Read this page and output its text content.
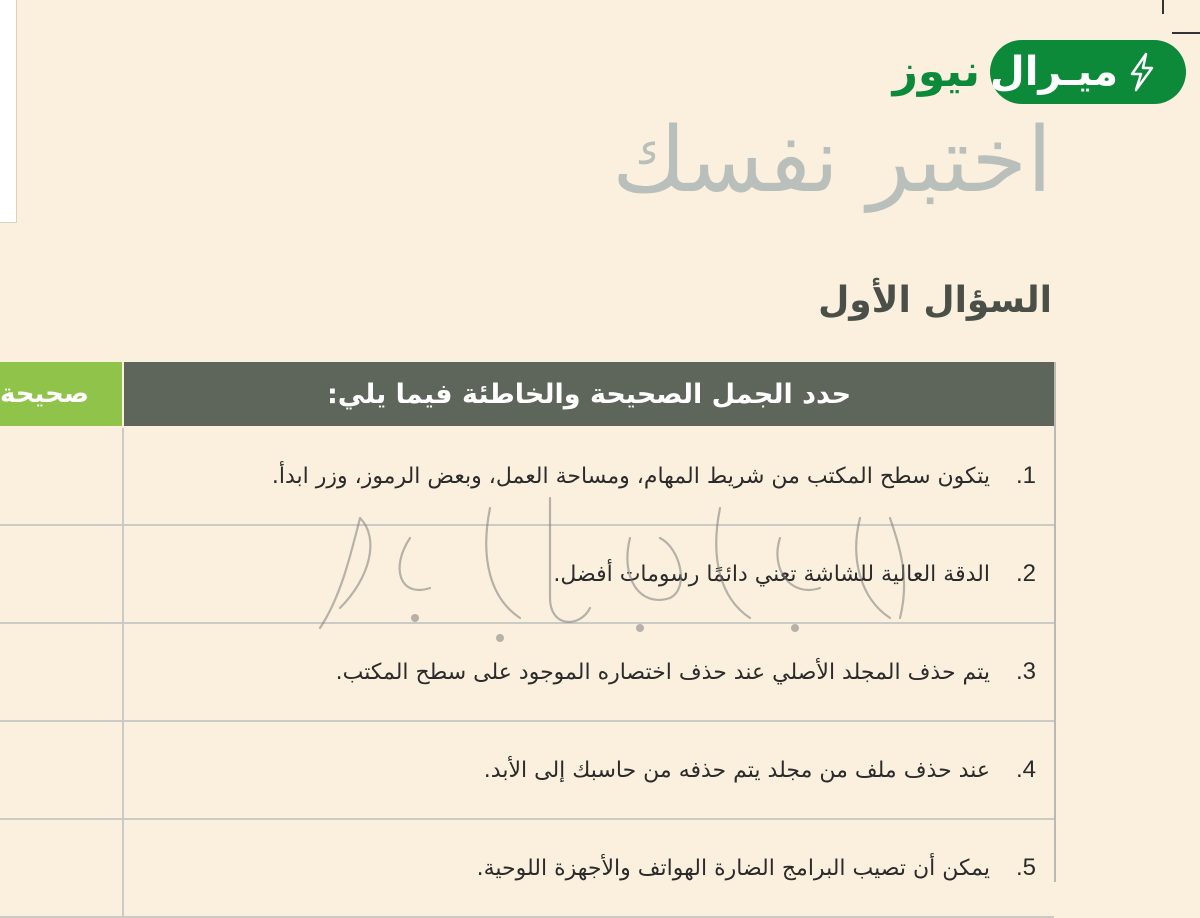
ميـرال
نيوز
اختبر نفسك
السؤال الأول
صحيحة	حدد الجمل الصحيحة والخاطئة فيما يلي:
1.
يتكون سطح المكتب من شريط المهام، ومساحة العمل، وبعض الرموز، وزر ابدأ.
2.
الدقة العالية للشاشة تعني دائمًا رسومات أفضل.
3.
يتم حذف المجلد الأصلي عند حذف اختصاره الموجود على سطح المكتب.
4.
عند حذف ملف من مجلد يتم حذفه من حاسبك إلى الأبد.
5.
يمكن أن تصيب البرامج الضارة الهواتف والأجهزة اللوحية.
